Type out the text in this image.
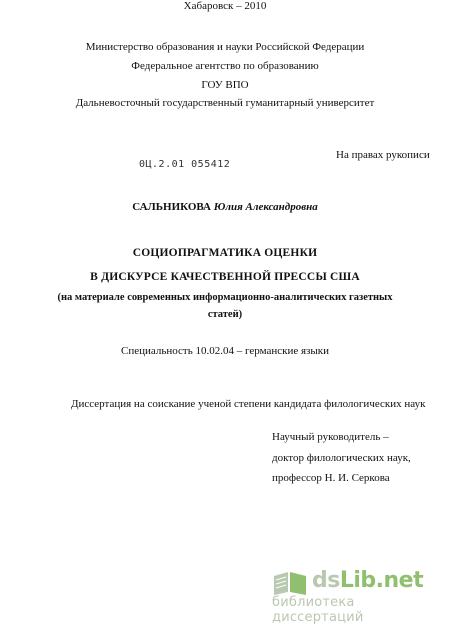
Министерство образования и науки Российской Федерации
Федеральное агентство по образованию
ГОУ ВПО
Дальневосточный государственный гуманитарный университет
0Ц.2.01 055412
На правах рукописи
САЛЬНИКОВА Юлия Александровна
СОЦИОПРАГМАТИКА ОЦЕНКИ
В ДИСКУРСЕ КАЧЕСТВЕННОЙ ПРЕССЫ США
(на материале современных информационно-аналитических газетных
статей)
Специальность 10.02.04 – германские языки
Диссертация на соискание ученой степени кандидата филологических наук
Научный руководитель –
доктор филологических наук,
профессор Н. И. Серкова
Хабаровск – 2010
dsLib.net
библиотека диссертаций
